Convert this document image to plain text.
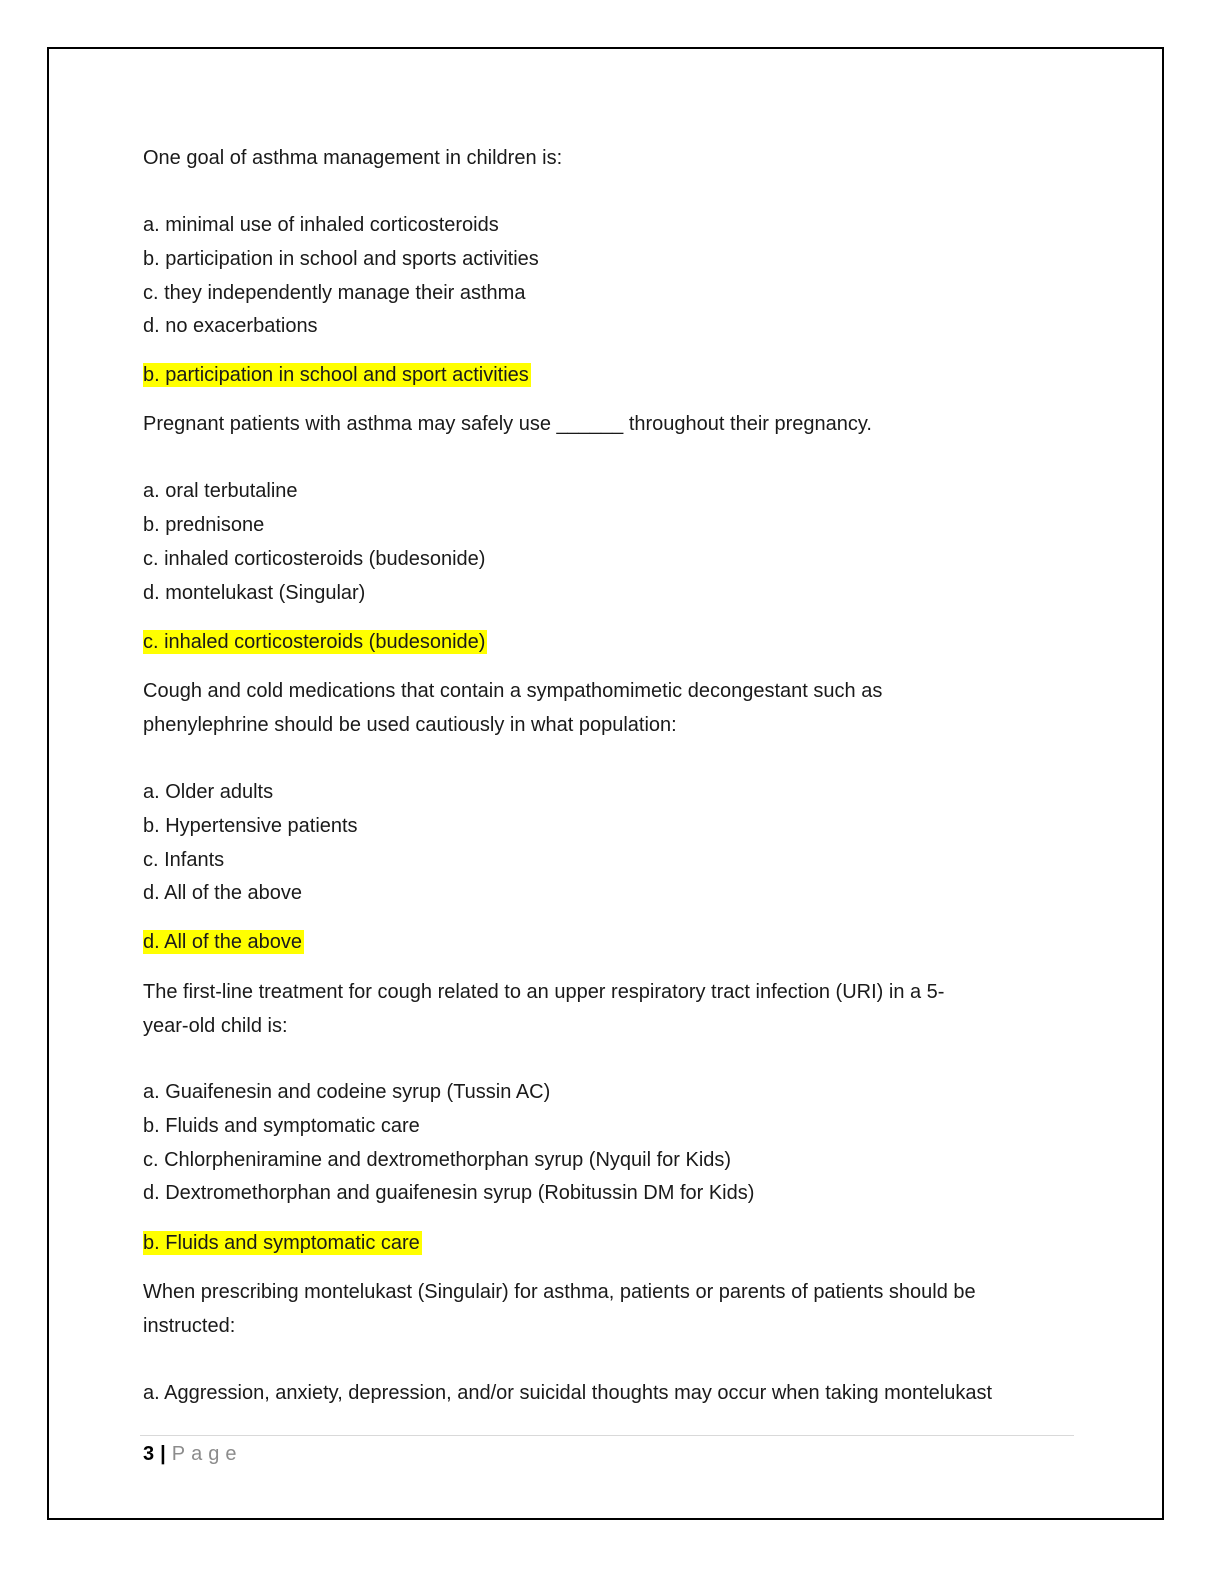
One goal of asthma management in children is:
a. minimal use of inhaled corticosteroids
b. participation in school and sports activities
c. they independently manage their asthma
d. no exacerbations
b. participation in school and sport activities
Pregnant patients with asthma may safely use ______ throughout their pregnancy.
a. oral terbutaline
b. prednisone
c. inhaled corticosteroids (budesonide)
d. montelukast (Singular)
c. inhaled corticosteroids (budesonide)
Cough and cold medications that contain a sympathomimetic decongestant such as
phenylephrine should be used cautiously in what population:
a. Older adults
b. Hypertensive patients
c. Infants
d. All of the above
d. All of the above
The first-line treatment for cough related to an upper respiratory tract infection (URI) in a 5-
year-old child is:
a. Guaifenesin and codeine syrup (Tussin AC)
b. Fluids and symptomatic care
c. Chlorpheniramine and dextromethorphan syrup (Nyquil for Kids)
d. Dextromethorphan and guaifenesin syrup (Robitussin DM for Kids)
b. Fluids and symptomatic care
When prescribing montelukast (Singulair) for asthma, patients or parents of patients should be
instructed:
a. Aggression, anxiety, depression, and/or suicidal thoughts may occur when taking montelukast
3 | Page
